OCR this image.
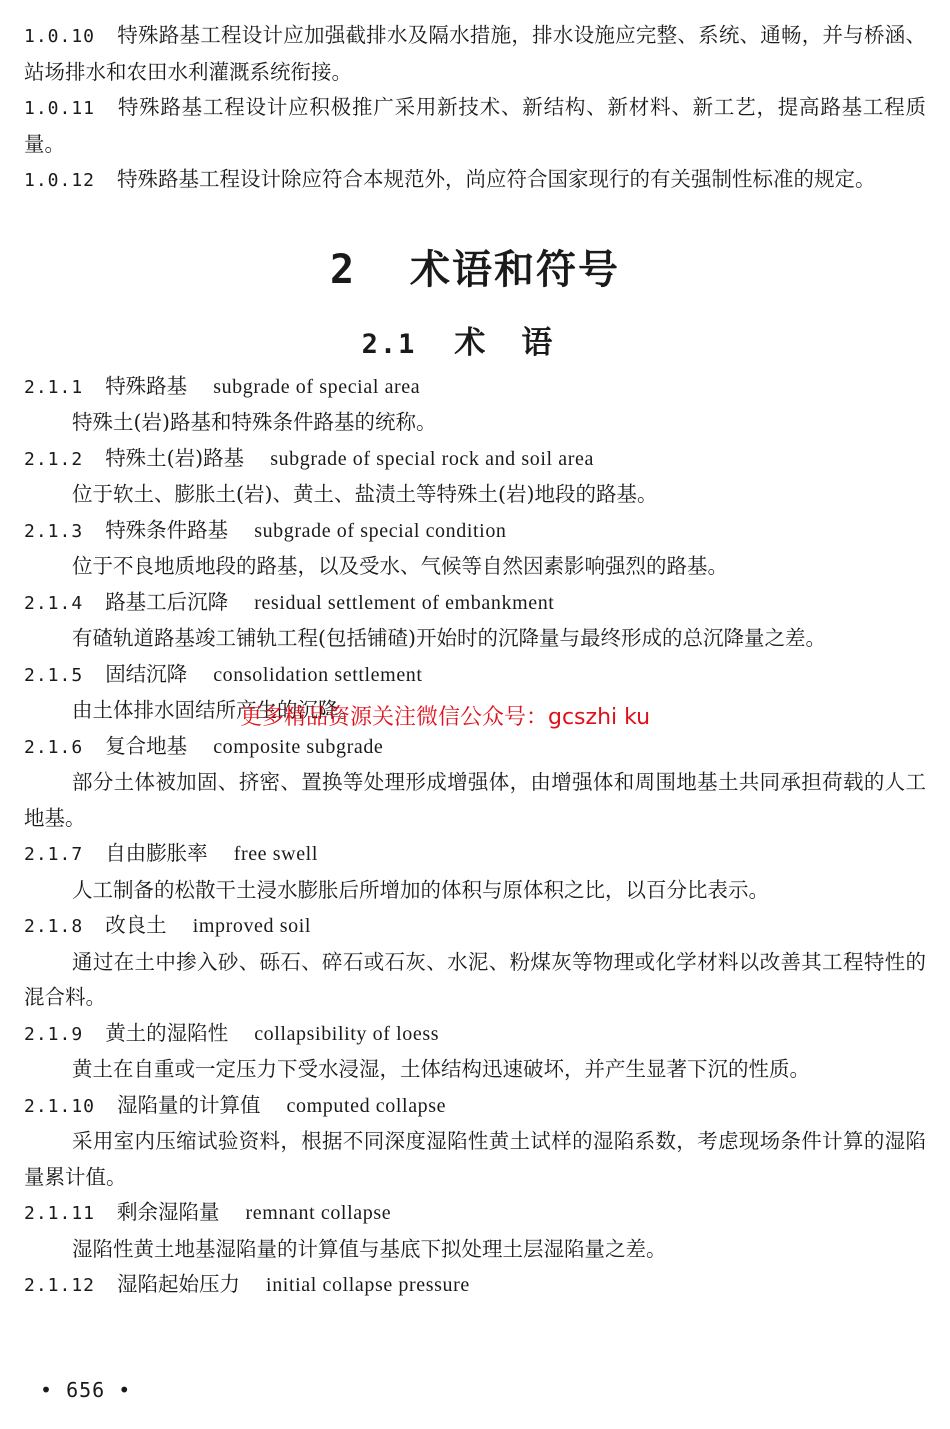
1.0.10 特殊路基工程设计应加强截排水及隔水措施，排水设施应完整、系统、通畅，并与桥涵、站场排水和农田水利灌溉系统衔接。

1.0.11 特殊路基工程设计应积极推广采用新技术、新结构、新材料、新工艺，提高路基工程质量。

1.0.12 特殊路基工程设计除应符合本规范外，尚应符合国家现行的有关强制性标准的规定。

2 术语和符号
2.1 术语

2.1.1 特殊路基 subgrade of special area

特殊土(岩)路基和特殊条件路基的统称。

2.1.2 特殊土(岩)路基 subgrade of special rock and soil area

位于软土、膨胀土(岩)、黄土、盐渍土等特殊土(岩)地段的路基。

2.1.3 特殊条件路基 subgrade of special condition

位于不良地质地段的路基，以及受水、气候等自然因素影响强烈的路基。

2.1.4 路基工后沉降 residual settlement of embankment

有碴轨道路基竣工铺轨工程(包括铺碴)开始时的沉降量与最终形成的总沉降量之差。

2.1.5 固结沉降 consolidation settlement

由土体排水固结所产生的沉降。

2.1.6 复合地基 composite subgrade

部分土体被加固、挤密、置换等处理形成增强体，由增强体和周围地基土共同承担荷载的人工地基。

2.1.7 自由膨胀率 free swell

人工制备的松散干土浸水膨胀后所增加的体积与原体积之比，以百分比表示。

2.1.8 改良土 improved soil

通过在土中掺入砂、砾石、碎石或石灰、水泥、粉煤灰等物理或化学材料以改善其工程特性的混合料。

2.1.9 黄土的湿陷性 collapsibility of loess

黄土在自重或一定压力下受水浸湿，土体结构迅速破坏，并产生显著下沉的性质。

2.1.10 湿陷量的计算值 computed collapse

采用室内压缩试验资料，根据不同深度湿陷性黄土试样的湿陷系数，考虑现场条件计算的湿陷量累计值。

2.1.11 剩余湿陷量 remnant collapse

湿陷性黄土地基湿陷量的计算值与基底下拟处理土层湿陷量之差。

2.1.12 湿陷起始压力 initial collapse pressure

更多精品资源关注微信公众号：gcszhi ku
• 656 •
